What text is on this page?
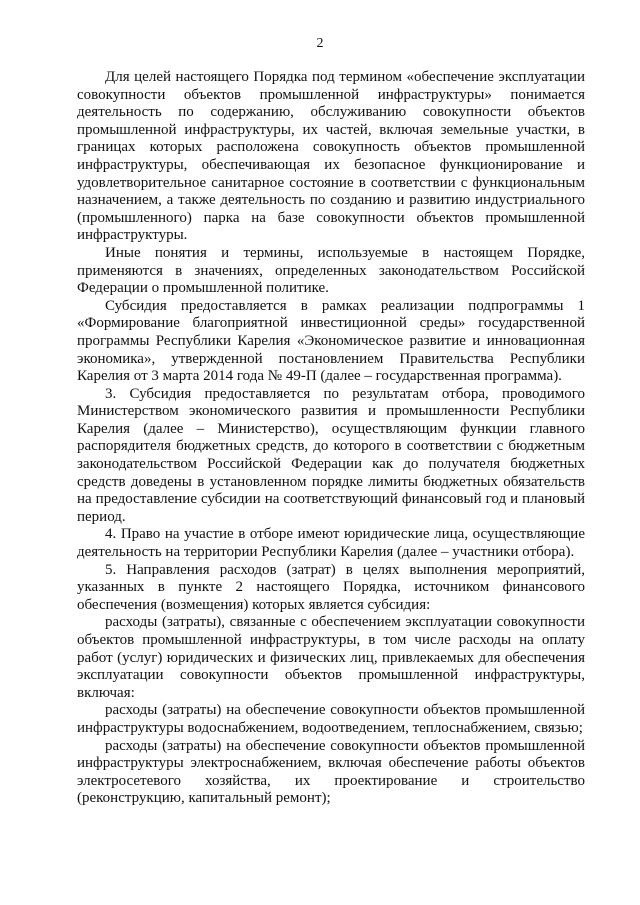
2

Для целей настоящего Порядка под термином «обеспечение эксплуатации совокупности объектов промышленной инфраструктуры» понимается деятельность по содержанию, обслуживанию совокупности объектов промышленной инфраструктуры, их частей, включая земельные участки, в границах которых расположена совокупность объектов промышленной инфраструктуры, обеспечивающая их безопасное функционирование и удовлетворительное санитарное состояние в соответствии с функциональным назначением, а также деятельность по созданию и развитию индустриального (промышленного) парка на базе совокупности объектов промышленной инфраструктуры.

Иные понятия и термины, используемые в настоящем Порядке, применяются в значениях, определенных законодательством Российской Федерации о промышленной политике.

Субсидия предоставляется в рамках реализации подпрограммы 1 «Формирование благоприятной инвестиционной среды» государственной программы Республики Карелия «Экономическое развитие и инновационная экономика», утвержденной постановлением Правительства Республики Карелия от 3 марта 2014 года № 49-П (далее – государственная программа).

3. Субсидия предоставляется по результатам отбора, проводимого Министерством экономического развития и промышленности Республики Карелия (далее – Министерство), осуществляющим функции главного распорядителя бюджетных средств, до которого в соответствии с бюджетным законодательством Российской Федерации как до получателя бюджетных средств доведены в установленном порядке лимиты бюджетных обязательств на предоставление субсидии на соответствующий финансовый год и плановый период.

4. Право на участие в отборе имеют юридические лица, осуществляющие деятельность на территории Республики Карелия (далее – участники отбора).

5. Направления расходов (затрат) в целях выполнения мероприятий, указанных в пункте 2 настоящего Порядка, источником финансового обеспечения (возмещения) которых является субсидия:

расходы (затраты), связанные с обеспечением эксплуатации совокупности объектов промышленной инфраструктуры, в том числе расходы на оплату работ (услуг) юридических и физических лиц, привлекаемых для обеспечения эксплуатации совокупности объектов промышленной инфраструктуры, включая:

расходы (затраты) на обеспечение совокупности объектов промышленной инфраструктуры водоснабжением, водоотведением, теплоснабжением, связью;

расходы (затраты) на обеспечение совокупности объектов промышленной инфраструктуры электроснабжением, включая обеспечение работы объектов электросетевого хозяйства, их проектирование и строительство (реконструкцию, капитальный ремонт);
